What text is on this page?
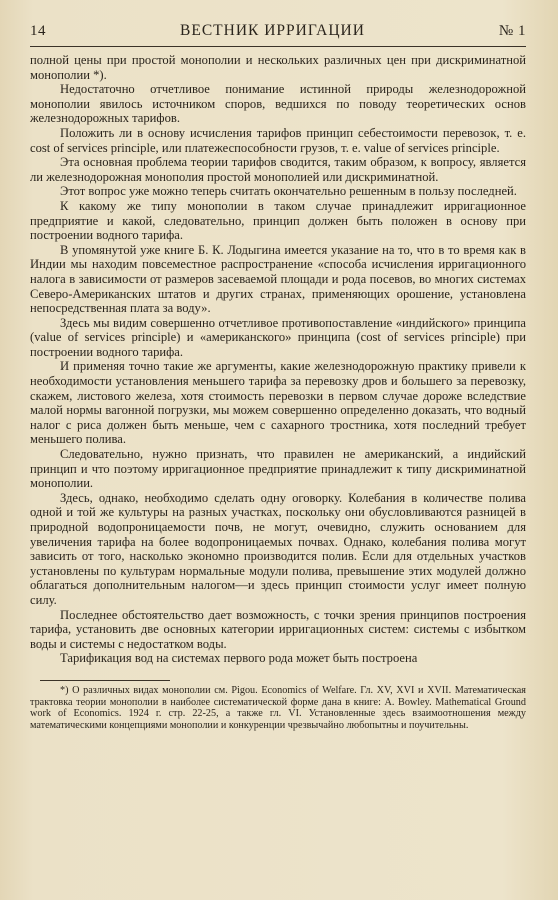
14	ВЕСТНИК ИРРИГАЦИИ	№ 1

полной цены при простой монополии и нескольких различных цен при дискриминатной монополии *).

Недостаточно отчетливое понимание истинной природы железнодорожной монополии явилось источником споров, ведшихся по поводу теоретических основ железнодорожных тарифов.

Положить ли в основу исчисления тарифов принцип себестоимости перевозок, т. е. cost of services principle, или платежеспособности грузов, т. е. value of services principle.

Эта основная проблема теории тарифов сводится, таким образом, к вопросу, является ли железнодорожная монополия простой монополией или дискриминатной.

Этот вопрос уже можно теперь считать окончательно решенным в пользу последней.

К какому же типу монополии в таком случае принадлежит ирригационное предприятие и какой, следовательно, принцип должен быть положен в основу при построении водного тарифа.

В упомянутой уже книге Б. К. Лодыгина имеется указание на то, что в то время как в Индии мы находим повсеместное распространение «способа исчисления ирригационного налога в зависимости от размеров засеваемой площади и рода посевов, во многих системах Северо-Американских штатов и других странах, применяющих орошение, установлена непосредственная плата за воду».

Здесь мы видим совершенно отчетливое противопоставление «индийского» принципа (value of services principle) и «американского» принципа (cost of services principle) при построении водного тарифа.

И применяя точно такие же аргументы, какие железнодорожную практику привели к необходимости установления меньшего тарифа за перевозку дров и большего за перевозку, скажем, листового железа, хотя стоимость перевозки в первом случае дороже вследствие малой нормы вагонной погрузки, мы можем совершенно определенно доказать, что водный налог с риса должен быть меньше, чем с сахарного тростника, хотя последний требует меньшего полива.

Следовательно, нужно признать, что правилен не американский, а индийский принцип и что поэтому ирригационное предприятие принадлежит к типу дискриминатной монополии.

Здесь, однако, необходимо сделать одну оговорку. Колебания в количестве полива одной и той же культуры на разных участках, поскольку они обусловливаются разницей в природной водопроницаемости почв, не могут, очевидно, служить основанием для увеличения тарифа на более водопроницаемых почвах. Однако, колебания полива могут зависить от того, насколько экономно производится полив. Если для отдельных участков установлены по культурам нормальные модули полива, превышение этих модулей должно облагаться дополнительным налогом—и здесь принцип стоимости услуг имеет полную силу.

Последнее обстоятельство дает возможность, с точки зрения принципов построения тарифа, установить две основных категории ирригационных систем: системы с избытком воды и системы с недостатком воды.

Тарификация вод на системах первого рода может быть построена

*) О различных видах монополии см. Pigou. Economics of Welfare. Гл. XV, XVI и XVII. Математическая трактовка теории монополии в наиболее систематической форме дана в книге: A. Bowley. Mathematical Ground work of Economics. 1924 г. стр. 22-25, а также гл. VI. Установленные здесь взаимоотношения между математическими концепциями монополии и конкуренции чрезвычайно любопытны и поучительны.
